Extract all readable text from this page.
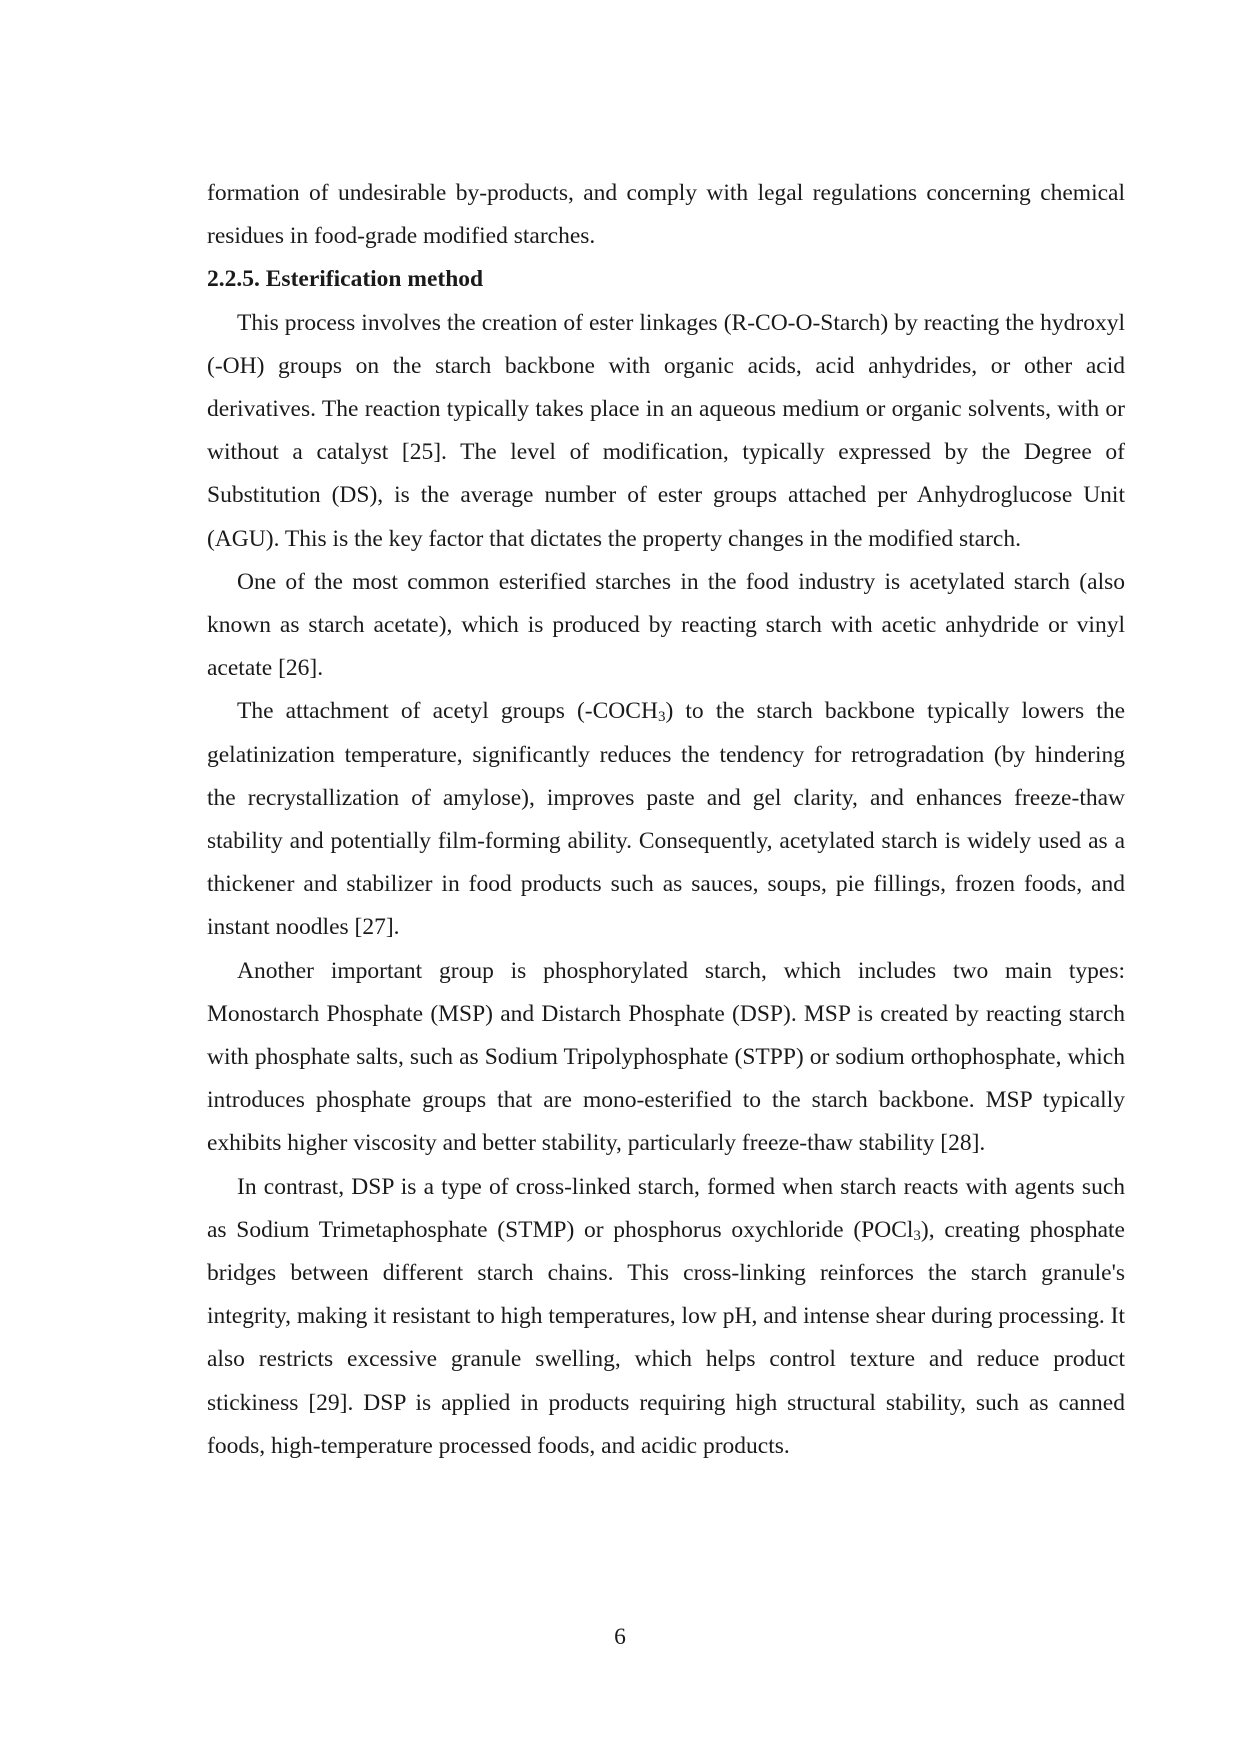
formation of undesirable by-products, and comply with legal regulations concerning chemical residues in food-grade modified starches.

2.2.5. Esterification method

This process involves the creation of ester linkages (R-CO-O-Starch) by reacting the hydroxyl (-OH) groups on the starch backbone with organic acids, acid anhydrides, or other acid derivatives. The reaction typically takes place in an aqueous medium or organic solvents, with or without a catalyst [25]. The level of modification, typically expressed by the Degree of Substitution (DS), is the average number of ester groups attached per Anhydroglucose Unit (AGU). This is the key factor that dictates the property changes in the modified starch.

One of the most common esterified starches in the food industry is acetylated starch (also known as starch acetate), which is produced by reacting starch with acetic anhydride or vinyl acetate [26].

The attachment of acetyl groups $(-COCH_3)$ to the starch backbone typically lowers the gelatinization temperature, significantly reduces the tendency for retrogradation (by hindering the recrystallization of amylose), improves paste and gel clarity, and enhances freeze-thaw stability and potentially film-forming ability. Consequently, acetylated starch is widely used as a thickener and stabilizer in food products such as sauces, soups, pie fillings, frozen foods, and instant noodles [27].

Another important group is phosphorylated starch, which includes two main types: Monostarch Phosphate (MSP) and Distarch Phosphate (DSP). MSP is created by reacting starch with phosphate salts, such as Sodium Tripolyphosphate (STPP) or sodium orthophosphate, which introduces phosphate groups that are mono-esterified to the starch backbone. MSP typically exhibits higher viscosity and better stability, particularly freeze-thaw stability [28].

In contrast, DSP is a type of cross-linked starch, formed when starch reacts with agents such as Sodium Trimetaphosphate (STMP) or phosphorus oxychloride (POCl$_3$), creating phosphate bridges between different starch chains. This cross-linking reinforces the starch granule's integrity, making it resistant to high temperatures, low pH, and intense shear during processing. It also restricts excessive granule swelling, which helps control texture and reduce product stickiness [29]. DSP is applied in products requiring high structural stability, such as canned foods, high-temperature processed foods, and acidic products.

6
